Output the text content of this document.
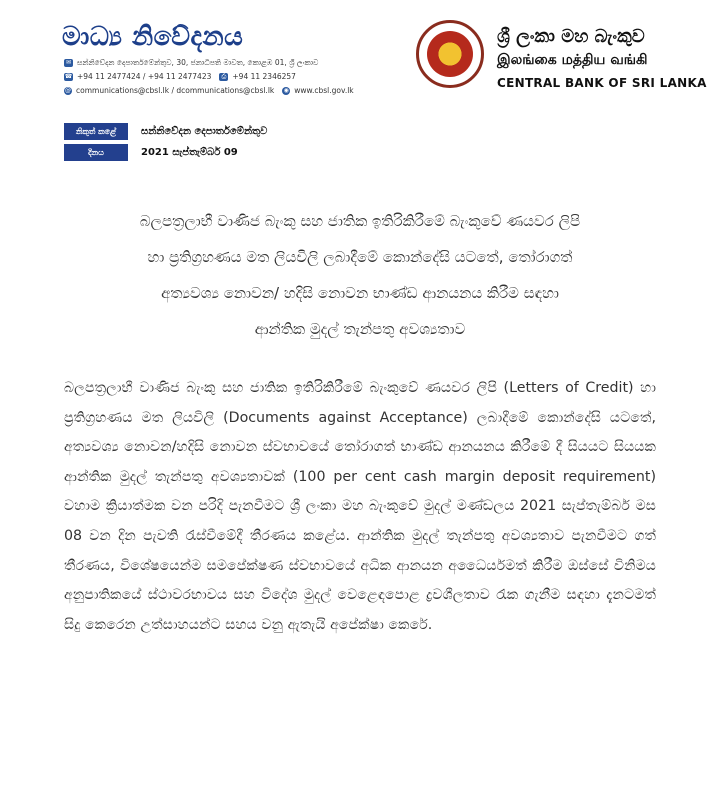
මාධ්‍ය නිවේදනය
✉ සන්නිවේදන දෙපාර්තමේන්තුව, 30, ජනාධිපති මාවත, කොළඹ 01, ශ්‍රී ලංකාව
☎ +94 11 2477424 / +94 11 2477423	⎙ +94 11 2346257
@ communications@cbsl.lk / dcommunications@cbsl.lk ◉ www.cbsl.gov.lk
ශ්‍රී ලංකා මහ බැංකුව
இலங்கை மத்திய வங்கி
CENTRAL BANK OF SRI LANKA
නිකුත් කළේ	සන්නිවේදන දෙපාර්තමේන්තුව
දිනය	2021 සැප්තැම්බර් 09
බලපත්‍රලාභී වාණිජ බැංකු සහ ජාතික ඉතිරිකිරීමේ බැංකුවේ ණයවර ලිපි
හා ප්‍රතිග්‍රහණය මත ලියවිලි ලබාදීමේ කොන්දේසි යටතේ, තෝරාගත්
අත්‍යවශ්‍ය නොවන/ හදිසි නොවන භාණ්ඩ ආනයනය කිරීම සඳහා
ආන්තික මුදල් තැන්පතු අවශ්‍යතාව
බලපත්‍රලාභී වාණිජ බැංකු සහ ජාතික ඉතිරිකිරීමේ බැංකුවේ ණයවර ලිපි (Letters of Credit) හා ප්‍රතිග්‍රහණය මත ලියවිලි (Documents against Acceptance) ලබාදීමේ කොන්දේසි යටතේ, අත්‍යවශ්‍ය නොවන/හදිසි නොවන ස්වභාවයේ තෝරාගත් භාණ්ඩ ආනයනය කිරීමේ දී සියයට සියයක ආන්තික මුදල් තැන්පතු අවශ්‍යතාවක් (100 per cent cash margin deposit requirement) වහාම ක්‍රියාත්මක වන පරිදි පැනවීමට ශ්‍රී ලංකා මහ බැංකුවේ මුදල් මණ්ඩලය 2021 සැප්තැම්බර් මස 08 වන දින පැවති රැස්වීමේදී තීරණය කළේය. ආන්තික මුදල් තැන්පතු අවශ්‍යතාව පැනවීමට ගත් තීරණය, විශේෂයෙන්ම සමපේක්ෂණ ස්වභාවයේ අධික ආනයන අධෛර්යමත් කිරීම ඔස්සේ විනිමය අනුපාතිකයේ ස්ථාවරභාවය සහ විදේශ මුදල් වෙළෙඳපොළ ද්‍රවශීලතාව රැක ගැනීම සඳහා දැනටමත් සිදු කෙරෙන උත්සාහයන්ට සහය වනු ඇතැයි අපේක්ෂා කෙරේ.
